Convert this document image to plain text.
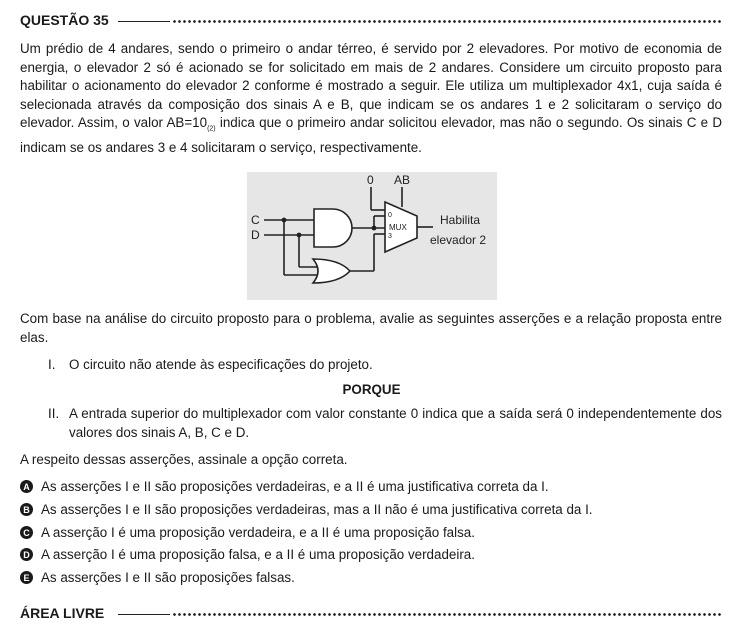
QUESTÃO 35
Um prédio de 4 andares, sendo o primeiro o andar térreo, é servido por 2 elevadores. Por motivo de economia de energia, o elevador 2 só é acionado se for solicitado em mais de 2 andares. Considere um circuito proposto para habilitar o acionamento do elevador 2 conforme é mostrado a seguir. Ele utiliza um multiplexador 4x1, cuja saída é selecionada através da composição dos sinais A e B, que indicam se os andares 1 e 2 solicitaram o serviço do elevador. Assim, o valor $AB=10_{(2)}$ indica que o primeiro andar solicitou elevador, mas não o segundo. Os sinais C e D indicam se os andares 3 e 4 solicitaram o serviço, respectivamente.
0 AB
C
D
0
3
MUX
Habilita
elevador 2
Com base na análise do circuito proposto para o problema, avalie as seguintes asserções e a relação proposta entre elas.
I. O circuito não atende às especificações do projeto.
PORQUE
II. A entrada superior do multiplexador com valor constante 0 indica que a saída será 0 independentemente dos valores dos sinais A, B, C e D.
A respeito dessas asserções, assinale a opção correta.
A As asserções I e II são proposições verdadeiras, e a II é uma justificativa correta da I.
B As asserções I e II são proposições verdadeiras, mas a II não é uma justificativa correta da I.
C A asserção I é uma proposição verdadeira, e a II é uma proposição falsa.
D A asserção I é uma proposição falsa, e a II é uma proposição verdadeira.
E As asserções I e II são proposições falsas.
ÁREA LIVRE
